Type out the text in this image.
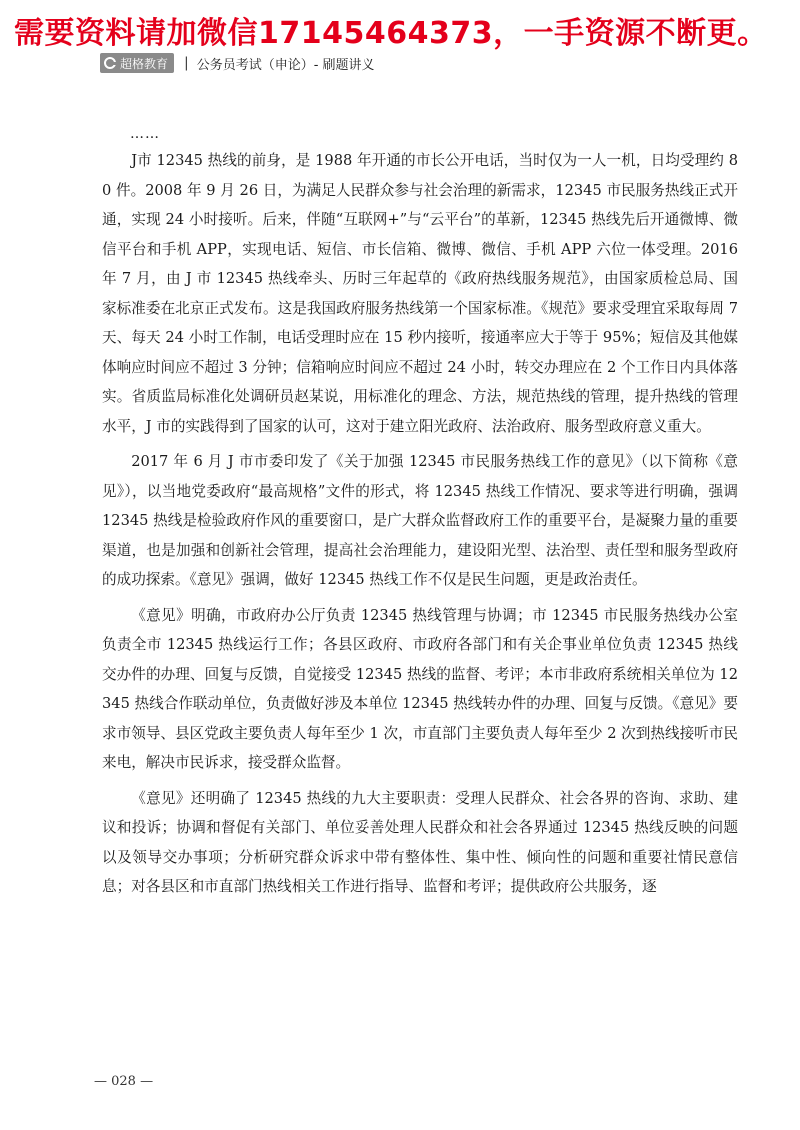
需要资料请加微信17145464373，一手资源不断更。
超格教育 | 公务员考试（申论）- 刷题讲义
……

J市 12345 热线的前身，是 1988 年开通的市长公开电话，当时仅为一人一机，日均受理约 80 件。2008 年 9 月 26 日，为满足人民群众参与社会治理的新需求，12345 市民服务热线正式开通，实现 24 小时接听。后来，伴随“互联网+”与“云平台”的革新，12345 热线先后开通微博、微信平台和手机 APP，实现电话、短信、市长信箱、微博、微信、手机 APP 六位一体受理。2016 年 7 月，由 J 市 12345 热线牵头、历时三年起草的《政府热线服务规范》，由国家质检总局、国家标准委在北京正式发布。这是我国政府服务热线第一个国家标准。《规范》要求受理宜采取每周 7 天、每天 24 小时工作制，电话受理时应在 15 秒内接听，接通率应大于等于 95%；短信及其他媒体响应时间应不超过 3 分钟；信箱响应时间应不超过 24 小时，转交办理应在 2 个工作日内具体落实。省质监局标准化处调研员赵某说，用标准化的理念、方法，规范热线的管理，提升热线的管理水平，J 市的实践得到了国家的认可，这对于建立阳光政府、法治政府、服务型政府意义重大。

2017 年 6 月 J 市市委印发了《关于加强 12345 市民服务热线工作的意见》（以下简称《意见》），以当地党委政府“最高规格”文件的形式，将 12345 热线工作情况、要求等进行明确，强调 12345 热线是检验政府作风的重要窗口，是广大群众监督政府工作的重要平台，是凝聚力量的重要渠道，也是加强和创新社会管理，提高社会治理能力，建设阳光型、法治型、责任型和服务型政府的成功探索。《意见》强调，做好 12345 热线工作不仅是民生问题，更是政治责任。

《意见》明确，市政府办公厅负责 12345 热线管理与协调；市 12345 市民服务热线办公室负责全市 12345 热线运行工作；各县区政府、市政府各部门和有关企事业单位负责 12345 热线交办件的办理、回复与反馈，自觉接受 12345 热线的监督、考评；本市非政府系统相关单位为 12345 热线合作联动单位，负责做好涉及本单位 12345 热线转办件的办理、回复与反馈。《意见》要求市领导、县区党政主要负责人每年至少 1 次，市直部门主要负责人每年至少 2 次到热线接听市民来电，解决市民诉求，接受群众监督。

《意见》还明确了 12345 热线的九大主要职责：受理人民群众、社会各界的咨询、求助、建议和投诉；协调和督促有关部门、单位妥善处理人民群众和社会各界通过 12345 热线反映的问题以及领导交办事项；分析研究群众诉求中带有整体性、集中性、倾向性的问题和重要社情民意信息；对各县区和市直部门热线相关工作进行指导、监督和考评；提供政府公共服务，逐

— 028 —
